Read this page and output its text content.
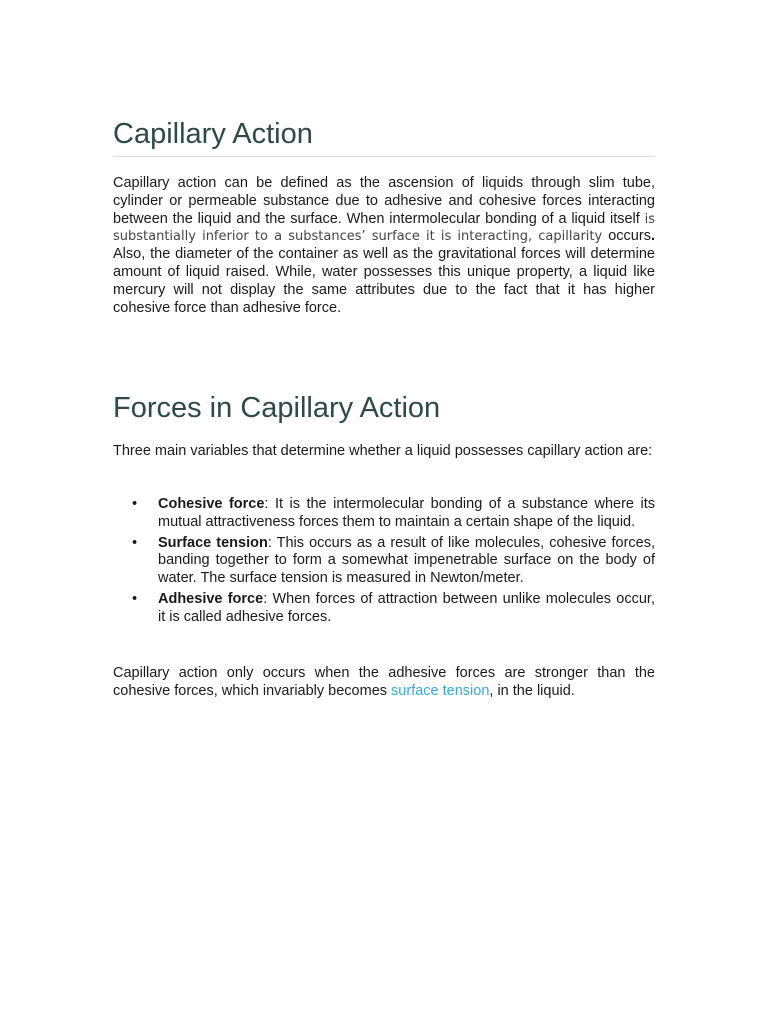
Capillary Action

Capillary action can be defined as the ascension of liquids through slim tube, cylinder or permeable substance due to adhesive and cohesive forces interacting between the liquid and the surface. When intermolecular bonding of a liquid itself is substantially inferior to a substances’ surface it is interacting, capillarity occurs. Also, the diameter of the container as well as the gravitational forces will determine amount of liquid raised. While, water possesses this unique property, a liquid like mercury will not display the same attributes due to the fact that it has higher cohesive force than adhesive force.

Forces in Capillary Action

Three main variables that determine whether a liquid possesses capillary action are:

• Cohesive force: It is the intermolecular bonding of a substance where its mutual attractiveness forces them to maintain a certain shape of the liquid.
• Surface tension: This occurs as a result of like molecules, cohesive forces, banding together to form a somewhat impenetrable surface on the body of water. The surface tension is measured in Newton/meter.
• Adhesive force: When forces of attraction between unlike molecules occur, it is called adhesive forces.

Capillary action only occurs when the adhesive forces are stronger than the cohesive forces, which invariably becomes surface tension, in the liquid.
